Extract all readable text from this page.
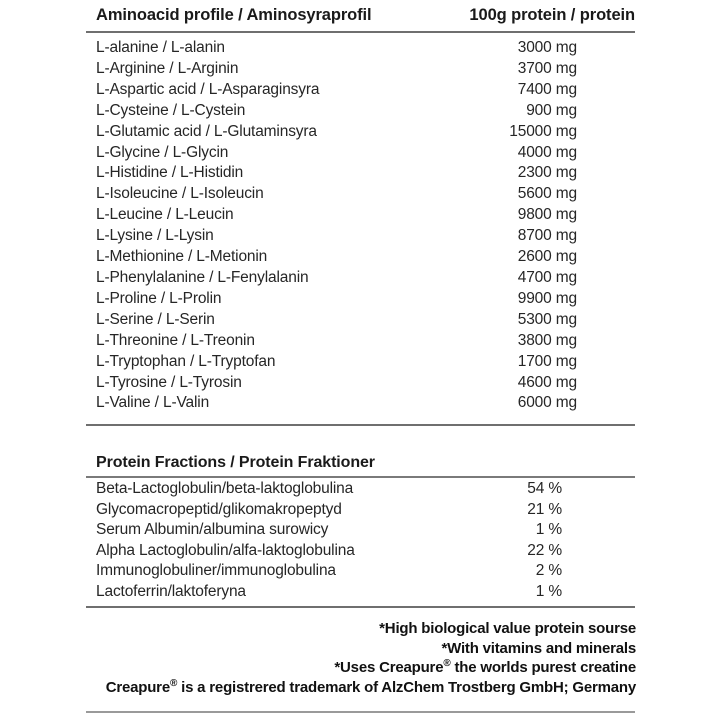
Aminoacid profile / Aminosyraprofil	100g protein / protein
L-alanine / L-alanin	3000 mg
L-Arginine / L-Arginin	3700 mg
L-Aspartic acid / L-Asparaginsyra	7400 mg
L-Cysteine / L-Cystein	900 mg
L-Glutamic acid / L-Glutaminsyra	15000 mg
L-Glycine / L-Glycin	4000 mg
L-Histidine / L-Histidin	2300 mg
L-Isoleucine / L-Isoleucin	5600 mg
L-Leucine / L-Leucin	9800 mg
L-Lysine / L-Lysin	8700 mg
L-Methionine / L-Metionin	2600 mg
L-Phenylalanine / L-Fenylalanin	4700 mg
L-Proline / L-Prolin	9900 mg
L-Serine / L-Serin	5300 mg
L-Threonine / L-Treonin	3800 mg
L-Tryptophan / L-Tryptofan	1700 mg
L-Tyrosine / L-Tyrosin	4600 mg
L-Valine / L-Valin	6000 mg
Protein Fractions / Protein Fraktioner
Beta-Lactoglobulin/beta-laktoglobulina	54 %
Glycomacropeptid/glikomakropeptyd	21 %
Serum Albumin/albumina surowicy	1 %
Alpha Lactoglobulin/alfa-laktoglobulina	22 %
Immunoglobuliner/immunoglobulina	2 %
Lactoferrin/laktoferyna	1 %
*High biological value protein sourse
*With vitamins and minerals
*Uses Creapure® the worlds purest creatine
Creapure® is a registrered trademark of AlzChem Trostberg GmbH; Germany
